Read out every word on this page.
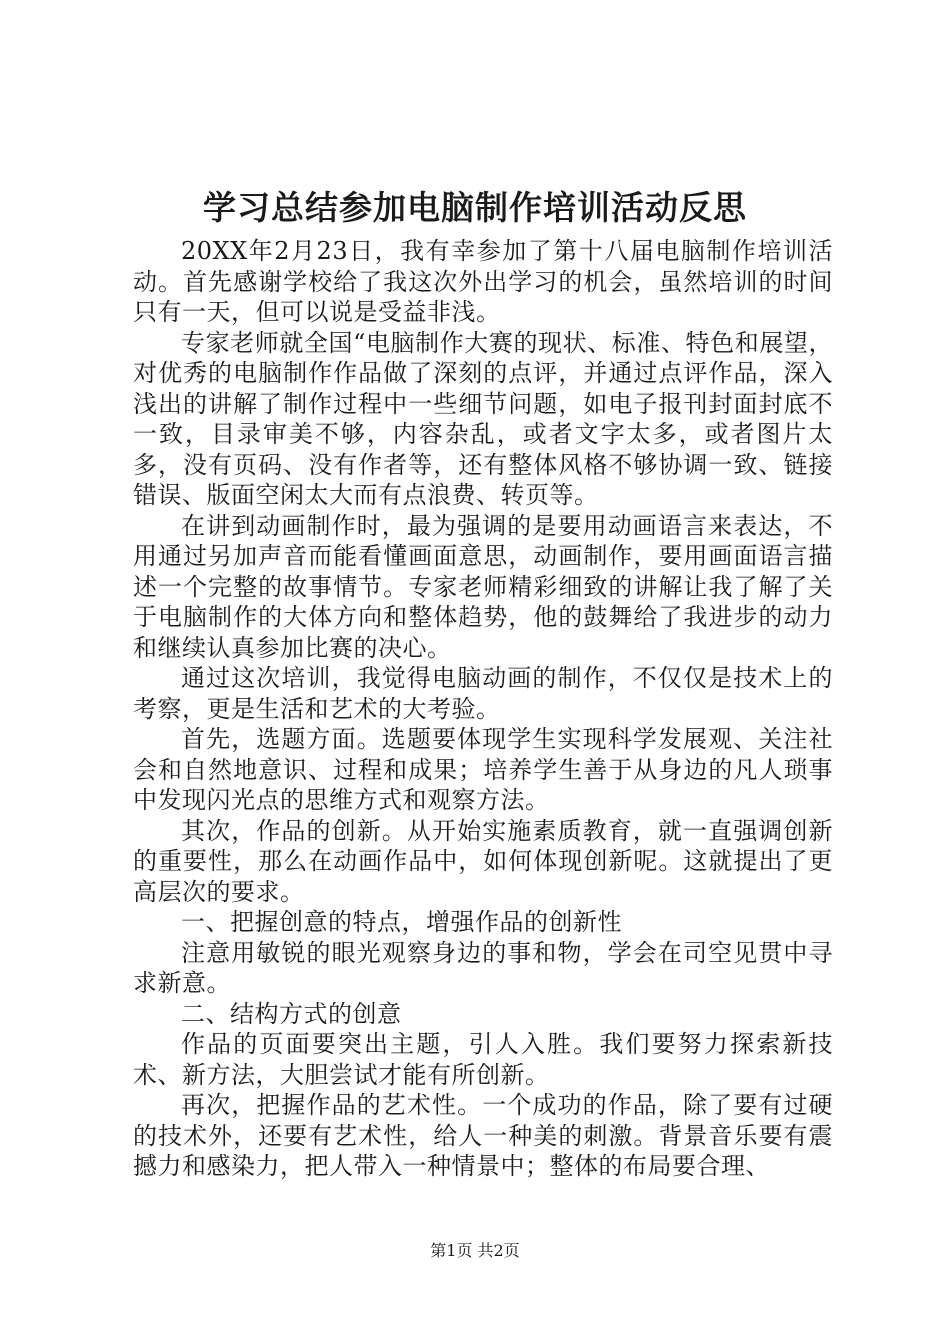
学习总结参加电脑制作培训活动反思

20XX年2月23日，我有幸参加了第十八届电脑制作培训活动。首先感谢学校给了我这次外出学习的机会，虽然培训的时间只有一天，但可以说是受益非浅。

专家老师就全国“电脑制作大赛的现状、标准、特色和展望，对优秀的电脑制作作品做了深刻的点评，并通过点评作品，深入浅出的讲解了制作过程中一些细节问题，如电子报刊封面封底不一致，目录审美不够，内容杂乱，或者文字太多，或者图片太多，没有页码、没有作者等，还有整体风格不够协调一致、链接错误、版面空闲太大而有点浪费、转页等。

在讲到动画制作时，最为强调的是要用动画语言来表达，不用通过另加声音而能看懂画面意思，动画制作，要用画面语言描述一个完整的故事情节。专家老师精彩细致的讲解让我了解了关于电脑制作的大体方向和整体趋势，他的鼓舞给了我进步的动力和继续认真参加比赛的决心。

通过这次培训，我觉得电脑动画的制作，不仅仅是技术上的考察，更是生活和艺术的大考验。

首先，选题方面。选题要体现学生实现科学发展观、关注社会和自然地意识、过程和成果；培养学生善于从身边的凡人琐事中发现闪光点的思维方式和观察方法。

其次，作品的创新。从开始实施素质教育，就一直强调创新的重要性，那么在动画作品中，如何体现创新呢。这就提出了更高层次的要求。

一、把握创意的特点，增强作品的创新性

注意用敏锐的眼光观察身边的事和物，学会在司空见贯中寻求新意。

二、结构方式的创意

作品的页面要突出主题，引人入胜。我们要努力探索新技术、新方法，大胆尝试才能有所创新。

再次，把握作品的艺术性。一个成功的作品，除了要有过硬的技术外，还要有艺术性，给人一种美的刺激。背景音乐要有震撼力和感染力，把人带入一种情景中；整体的布局要合理、

第1页 共2页
